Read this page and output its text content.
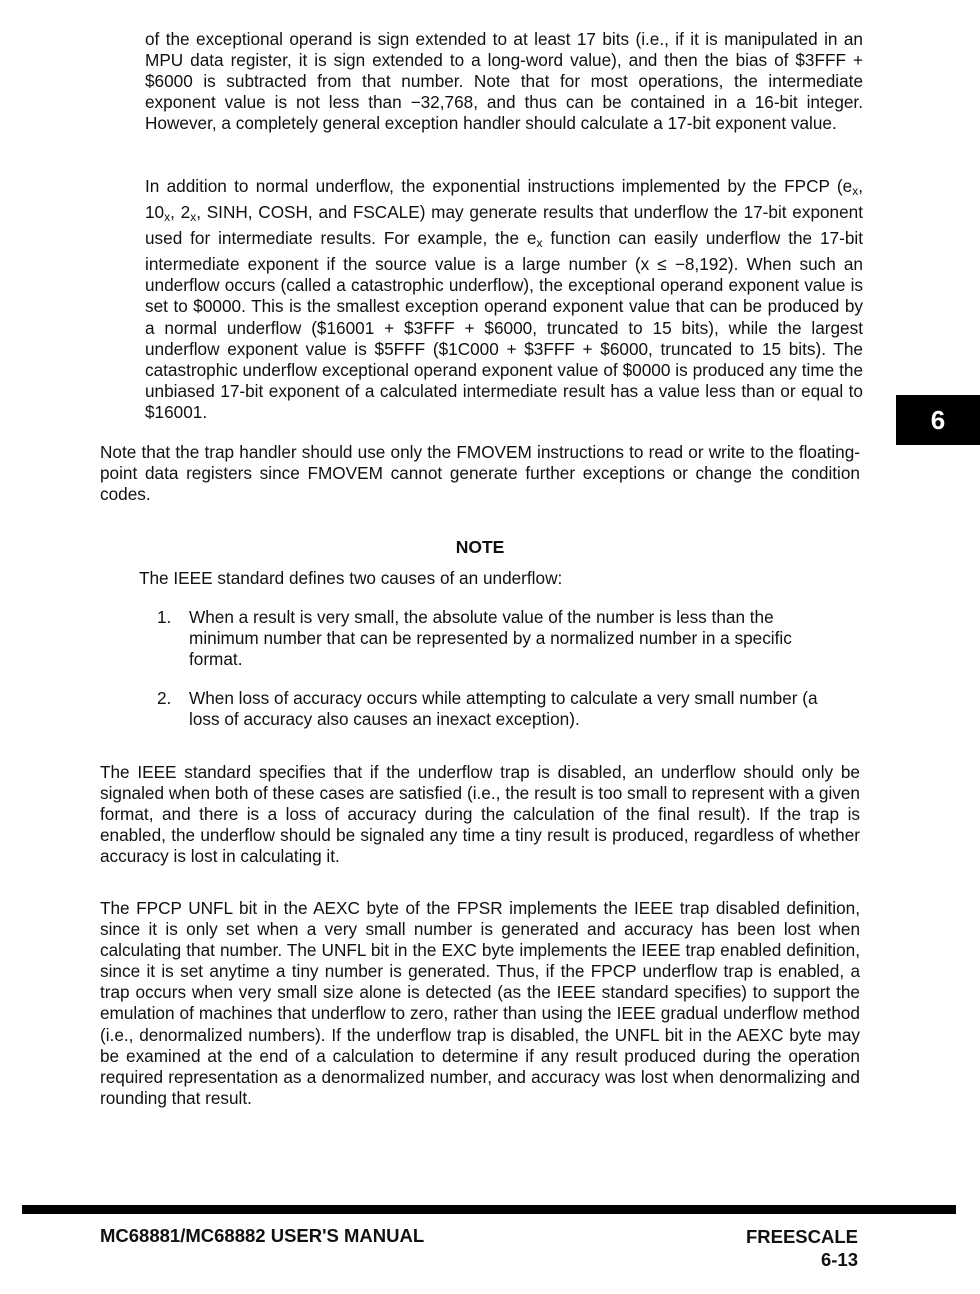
of the exceptional operand is sign extended to at least 17 bits (i.e., if it is manipulated in an MPU data register, it is sign extended to a long-word value), and then the bias of $3FFF + $6000 is subtracted from that number. Note that for most operations, the intermediate exponent value is not less than −32,768, and thus can be contained in a 16-bit integer. However, a completely general exception handler should calculate a 17-bit exponent value.

In addition to normal underflow, the exponential instructions implemented by the FPCP ($e_x$, $10_x$, $2_x$, SINH, COSH, and FSCALE) may generate results that underflow the 17-bit exponent used for intermediate results. For example, the $e_x$ function can easily underflow the 17-bit intermediate exponent if the source value is a large number (x ≤ −8,192). When such an underflow occurs (called a catastrophic underflow), the exceptional operand exponent value is set to $0000. This is the smallest exception operand exponent value that can be produced by a normal underflow ($16001 + $3FFF + $6000, truncated to 15 bits), while the largest underflow exponent value is $5FFF ($1C000 + $3FFF + $6000, truncated to 15 bits). The catastrophic underflow exceptional operand exponent value of $0000 is produced any time the unbiased 17-bit exponent of a calculated intermediate result has a value less than or equal to $16001.

Note that the trap handler should use only the FMOVEM instructions to read or write to the floating-point data registers since FMOVEM cannot generate further exceptions or change the condition codes.

NOTE

The IEEE standard defines two causes of an underflow:

1. When a result is very small, the absolute value of the number is less than the minimum number that can be represented by a normalized number in a specific format.
2. When loss of accuracy occurs while attempting to calculate a very small number (a loss of accuracy also causes an inexact exception).

The IEEE standard specifies that if the underflow trap is disabled, an underflow should only be signaled when both of these cases are satisfied (i.e., the result is too small to represent with a given format, and there is a loss of accuracy during the calculation of the final result). If the trap is enabled, the underflow should be signaled any time a tiny result is produced, regardless of whether accuracy is lost in calculating it.

The FPCP UNFL bit in the AEXC byte of the FPSR implements the IEEE trap disabled definition, since it is only set when a very small number is generated and accuracy has been lost when calculating that number. The UNFL bit in the EXC byte implements the IEEE trap enabled definition, since it is set anytime a tiny number is generated. Thus, if the FPCP underflow trap is enabled, a trap occurs when very small size alone is detected (as the IEEE standard specifies) to support the emulation of machines that underflow to zero, rather than using the IEEE gradual underflow method (i.e., denormalized numbers). If the underflow trap is disabled, the UNFL bit in the AEXC byte may be examined at the end of a calculation to determine if any result produced during the operation required representation as a denormalized number, and accuracy was lost when denormalizing and rounding that result.

6
MC68881/MC68882 USER'S MANUAL	FREESCALE
6-13
